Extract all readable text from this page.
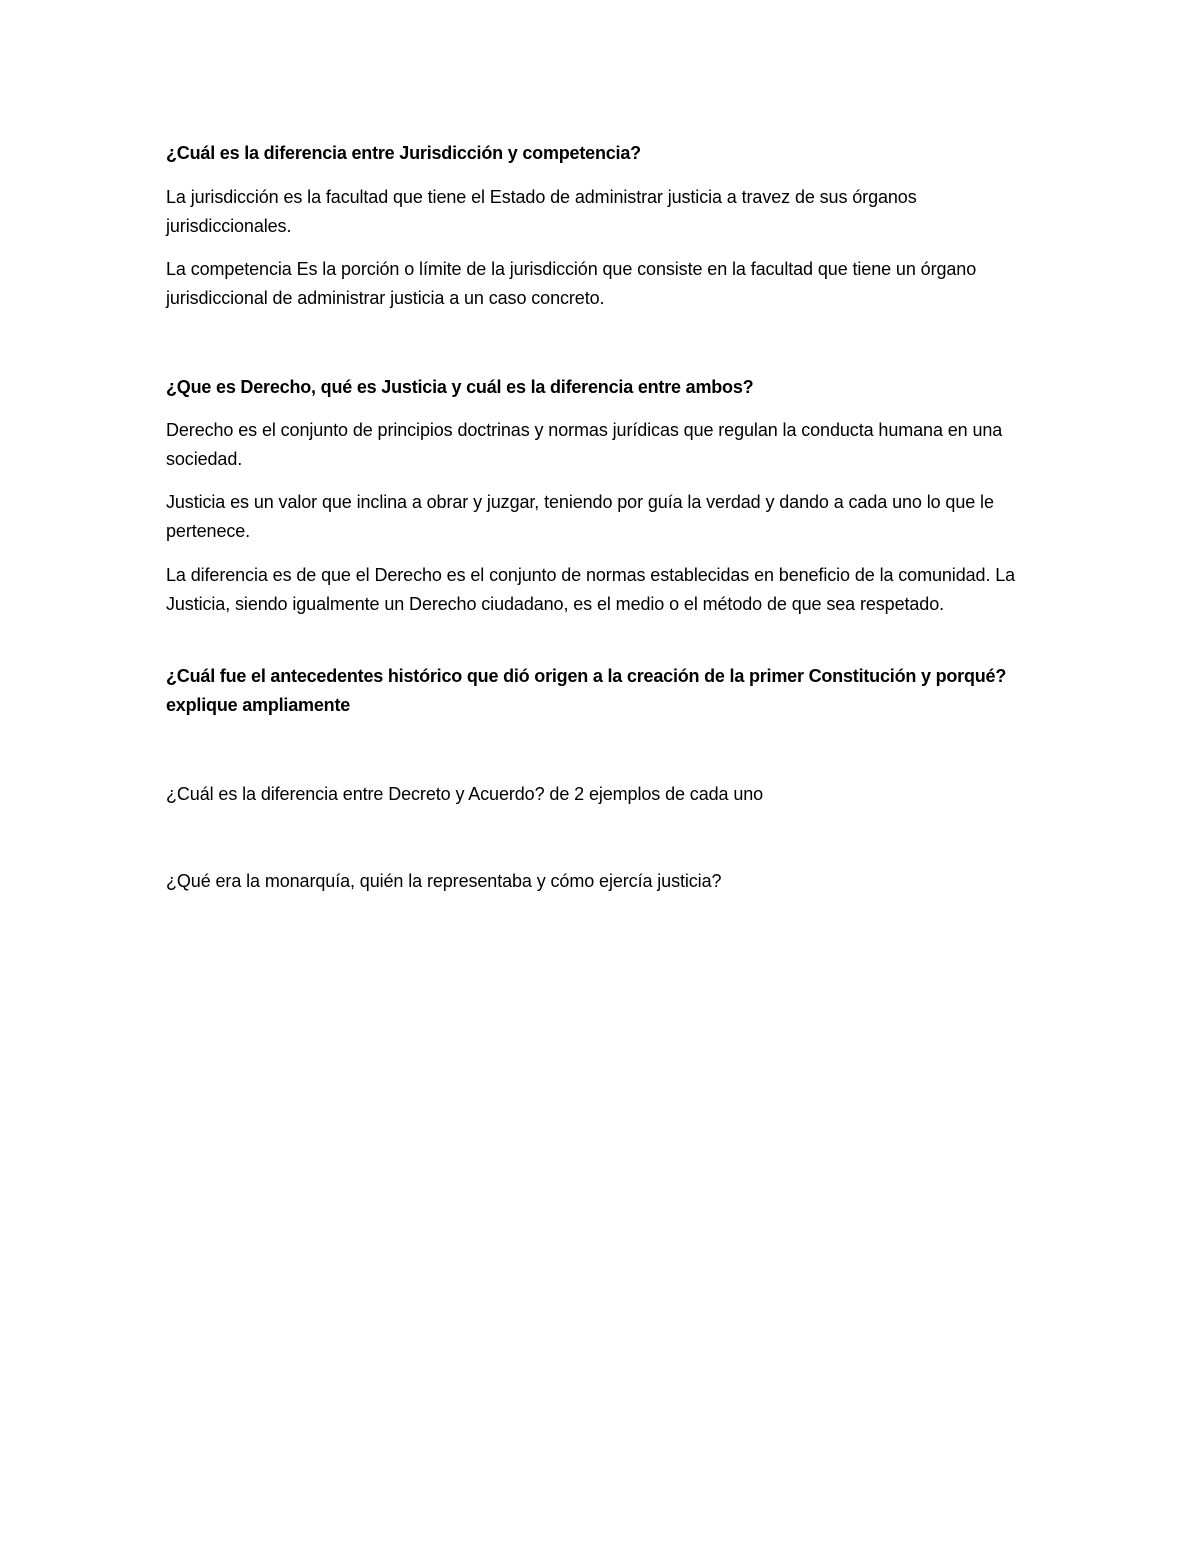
¿Cuál es la diferencia entre Jurisdicción y competencia?
La jurisdicción es la facultad que tiene el Estado de administrar justicia a travez de sus órganos jurisdiccionales.
La competencia Es la porción o límite de la jurisdicción que consiste en la facultad que tiene un órgano jurisdiccional de administrar justicia a un caso concreto.
¿Que es Derecho, qué es Justicia y cuál es la diferencia entre ambos?
Derecho es el conjunto de principios doctrinas y normas jurídicas que regulan la conducta humana en una sociedad.
Justicia es un valor que inclina a obrar y juzgar, teniendo por guía la verdad y dando a cada uno lo que le pertenece.
La diferencia es de que el Derecho es el conjunto de normas establecidas en beneficio de la comunidad. La Justicia, siendo igualmente un Derecho ciudadano, es el medio o el método de que sea respetado.
¿Cuál fue el antecedentes histórico que dió origen a la creación de la primer Constitución y porqué? explique ampliamente
¿Cuál es la diferencia entre Decreto y Acuerdo? de 2 ejemplos de cada uno
¿Qué era la monarquía, quién la representaba y cómo ejercía justicia?
